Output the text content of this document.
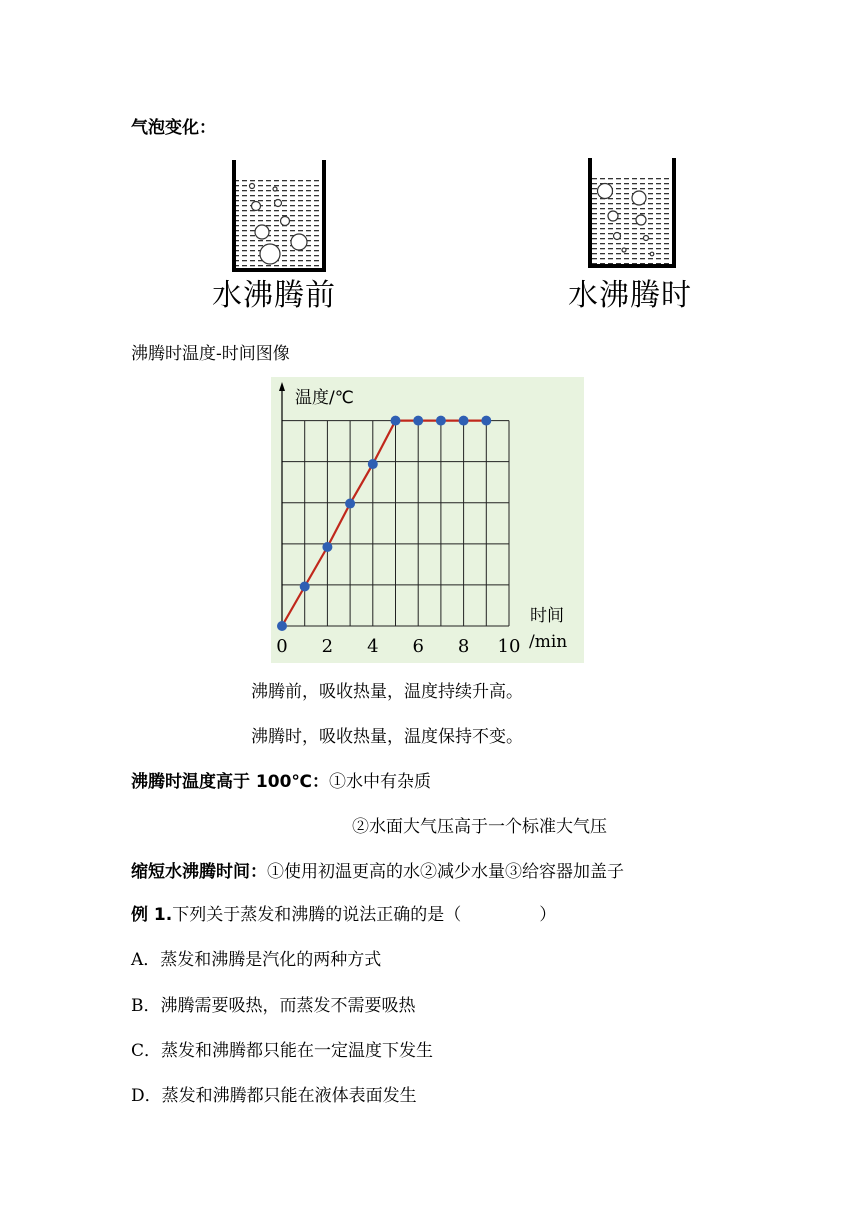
气泡变化：
水沸腾前	水沸腾时
沸腾时温度-时间图像
温度/℃
时间
/min
0 2 4 6 8 10
沸腾前，吸收热量，温度持续升高。
沸腾时，吸收热量，温度保持不变。
沸腾时温度高于 100℃：①水中有杂质
②水面大气压高于一个标准大气压
缩短水沸腾时间：①使用初温更高的水②减少水量③给容器加盖子
例 1.下列关于蒸发和沸腾的说法正确的是（	）
A．蒸发和沸腾是汽化的两种方式
B．沸腾需要吸热，而蒸发不需要吸热
C．蒸发和沸腾都只能在一定温度下发生
D．蒸发和沸腾都只能在液体表面发生
